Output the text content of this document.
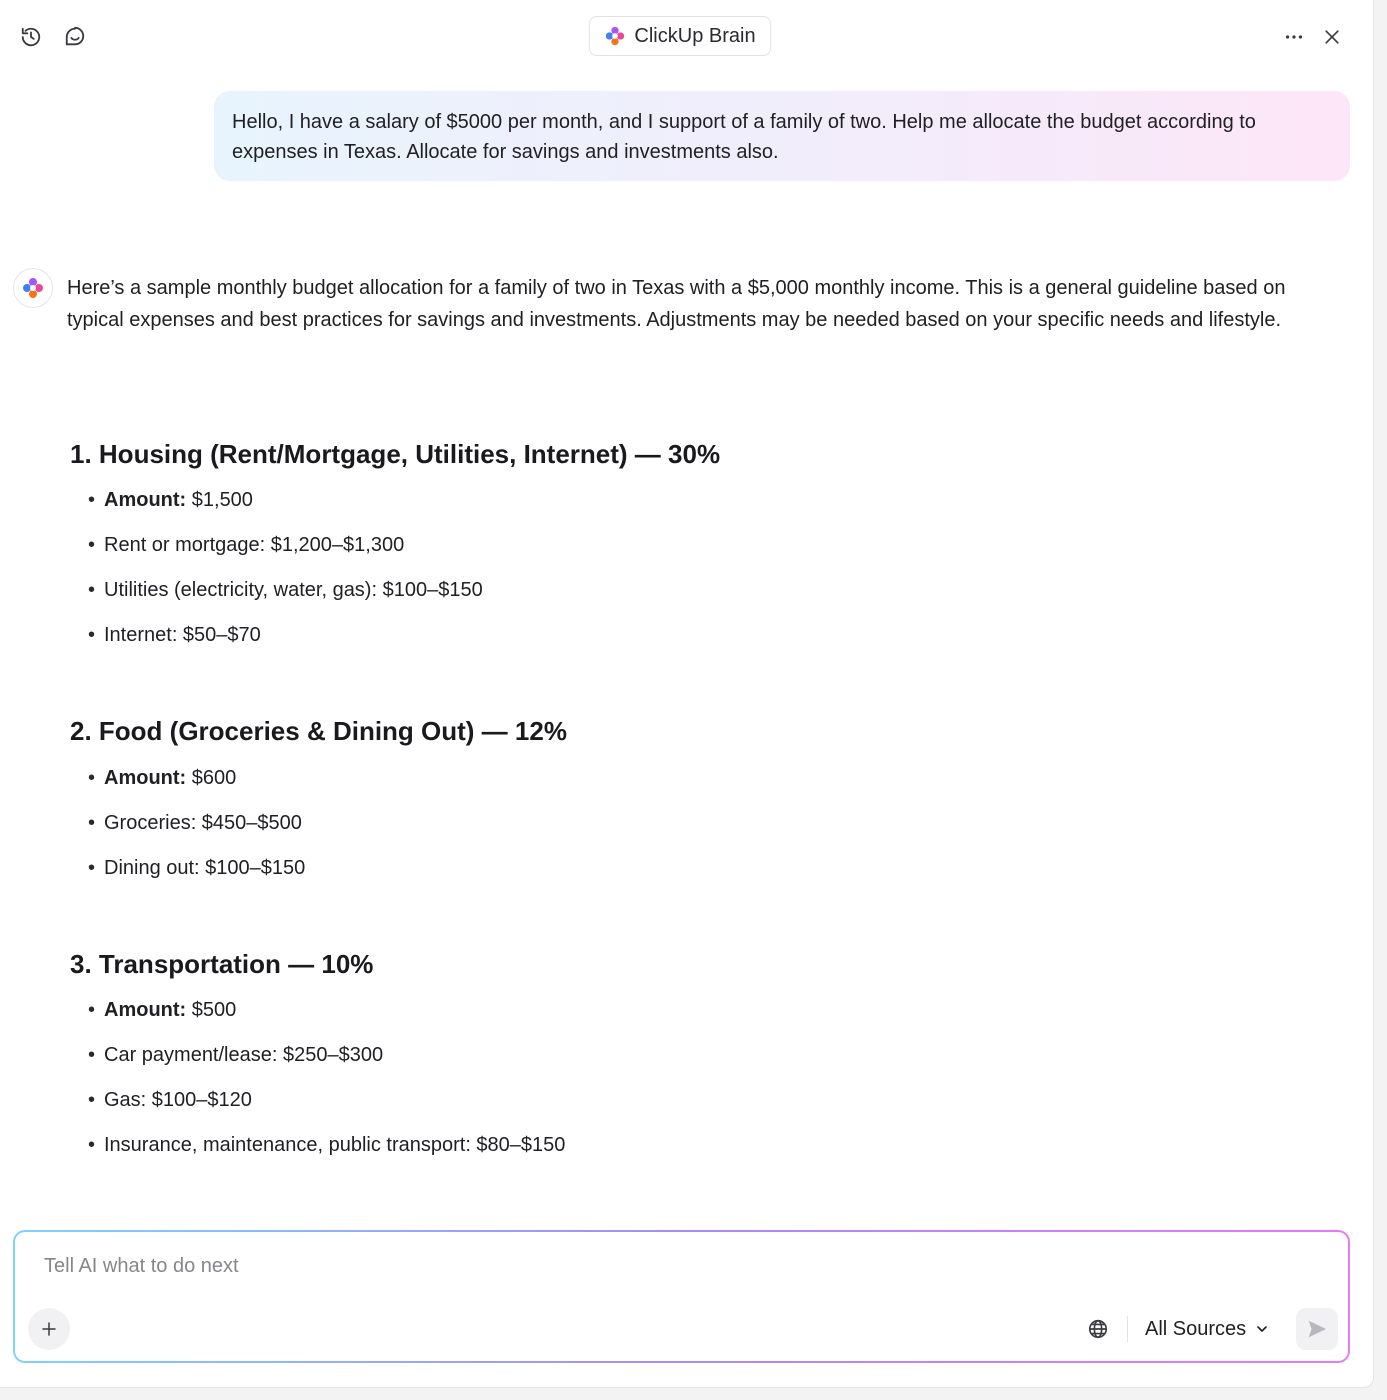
ClickUp Brain
Hello, I have a salary of $5000 per month, and I support of a family of two. Help me allocate the budget according to expenses in Texas. Allocate for savings and investments also.
Here’s a sample monthly budget allocation for a family of two in Texas with a $5,000 monthly income. This is a general guideline based on typical expenses and best practices for savings and investments. Adjustments may be needed based on your specific needs and lifestyle.
1. Housing (Rent/Mortgage, Utilities, Internet) — 30%
• Amount: $1,500
• Rent or mortgage: $1,200–$1,300
• Utilities (electricity, water, gas): $100–$150
• Internet: $50–$70
2. Food (Groceries & Dining Out) — 12%
• Amount: $600
• Groceries: $450–$500
• Dining out: $100–$150
3. Transportation — 10%
• Amount: $500
• Car payment/lease: $250–$300
• Gas: $100–$120
• Insurance, maintenance, public transport: $80–$150
Tell AI what to do next
All Sources
